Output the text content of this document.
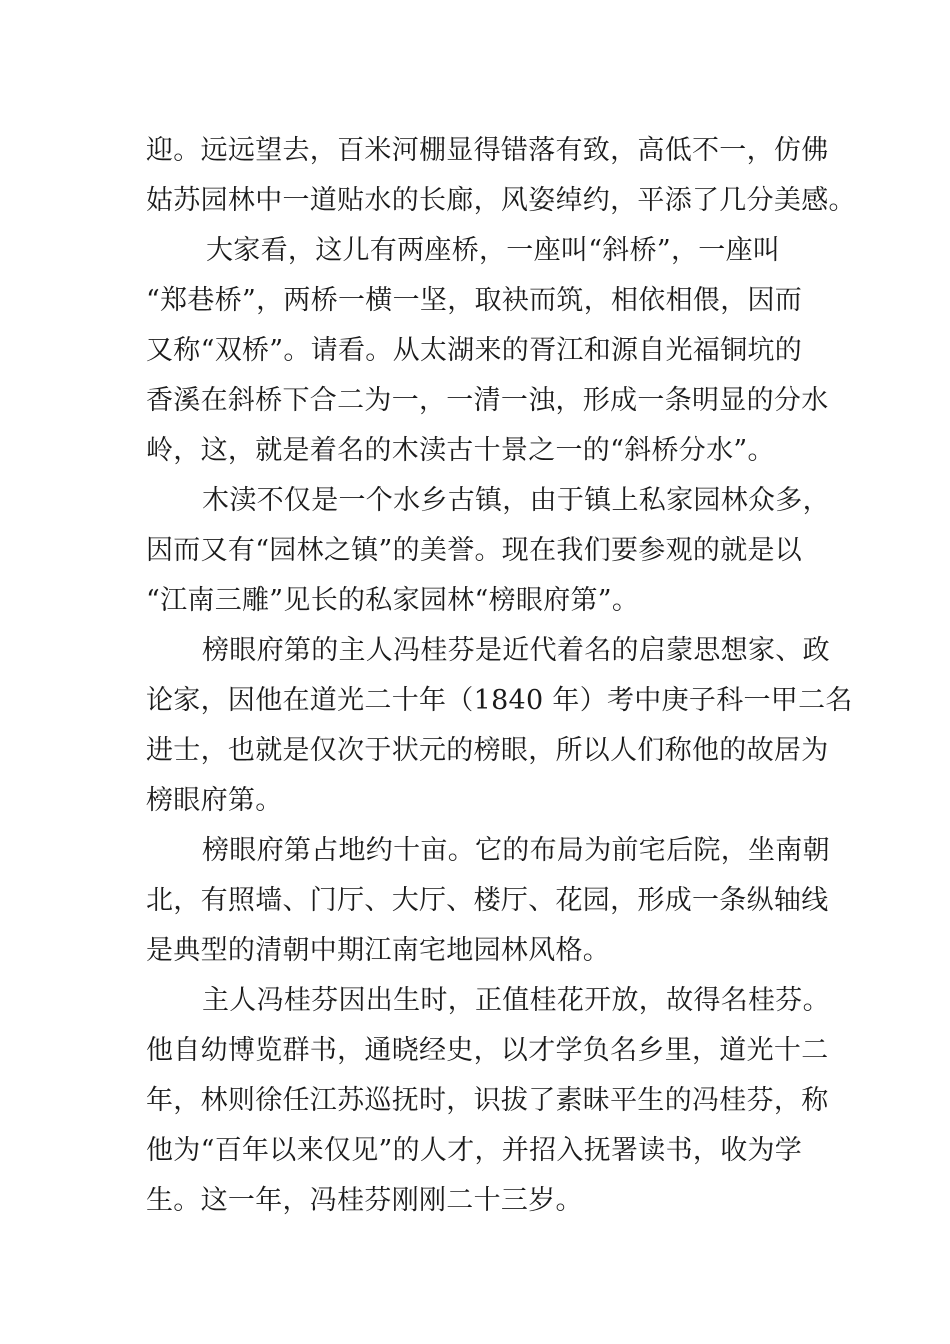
迎。远远望去，百米河棚显得错落有致，高低不一，仿佛
姑苏园林中一道贴水的长廊，风姿绰约，平添了几分美感。
大家看，这儿有两座桥，一座叫“斜桥”，一座叫
“郑巷桥”，两桥一横一坚，取袂而筑，相依相偎，因而
又称“双桥”。请看。从太湖来的胥江和源自光福铜坑的
香溪在斜桥下合二为一，一清一浊，形成一条明显的分水
岭，这，就是着名的木渎古十景之一的“斜桥分水”。
木渎不仅是一个水乡古镇，由于镇上私家园林众多，
因而又有“园林之镇”的美誉。现在我们要参观的就是以
“江南三雕”见长的私家园林“榜眼府第”。
榜眼府第的主人冯桂芬是近代着名的启蒙思想家、政
论家，因他在道光二十年（1840 年）考中庚子科一甲二名
进士，也就是仅次于状元的榜眼，所以人们称他的故居为
榜眼府第。
榜眼府第占地约十亩。它的布局为前宅后院，坐南朝
北，有照墙、门厅、大厅、楼厅、花园，形成一条纵轴线
是典型的清朝中期江南宅地园林风格。
主人冯桂芬因出生时，正值桂花开放，故得名桂芬。
他自幼博览群书，通晓经史，以才学负名乡里，道光十二
年，林则徐任江苏巡抚时，识拔了素昧平生的冯桂芬，称
他为“百年以来仅见”的人才，并招入抚署读书，收为学
生。这一年，冯桂芬刚刚二十三岁。
